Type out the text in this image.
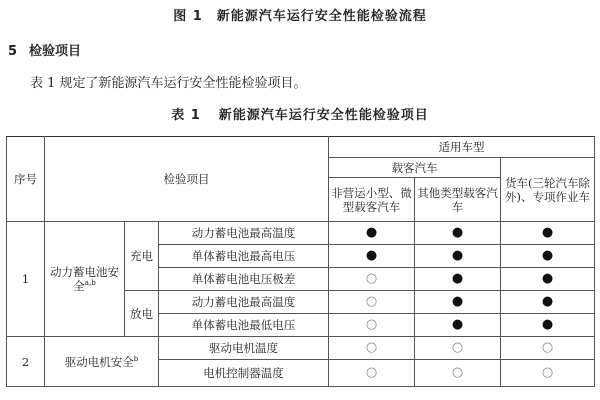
图 1　新能源汽车运行安全性能检验流程
5 检验项目
表 1 规定了新能源汽车运行安全性能检验项目。
表 1 新能源汽车运行安全性能检验项目
序号	检验项目			适用车型		
				载客汽车		货车(三轮汽车除外)、专项作业车
				非营运小型、微型载客汽车	其他类型载客汽车	
1	动力蓄电池安全$^{a,b}$	充电	动力蓄电池最高温度	●	●	●
			单体蓄电池最高电压	●	●	●
			单体蓄电池电压极差	○	●	●
		放电	动力蓄电池最高温度	○	●	●
			单体蓄电池最低电压	○	●	●
2	驱动电机安全$^b$		驱动电机温度	○	○	○
			电机控制器温度	○	○	○
